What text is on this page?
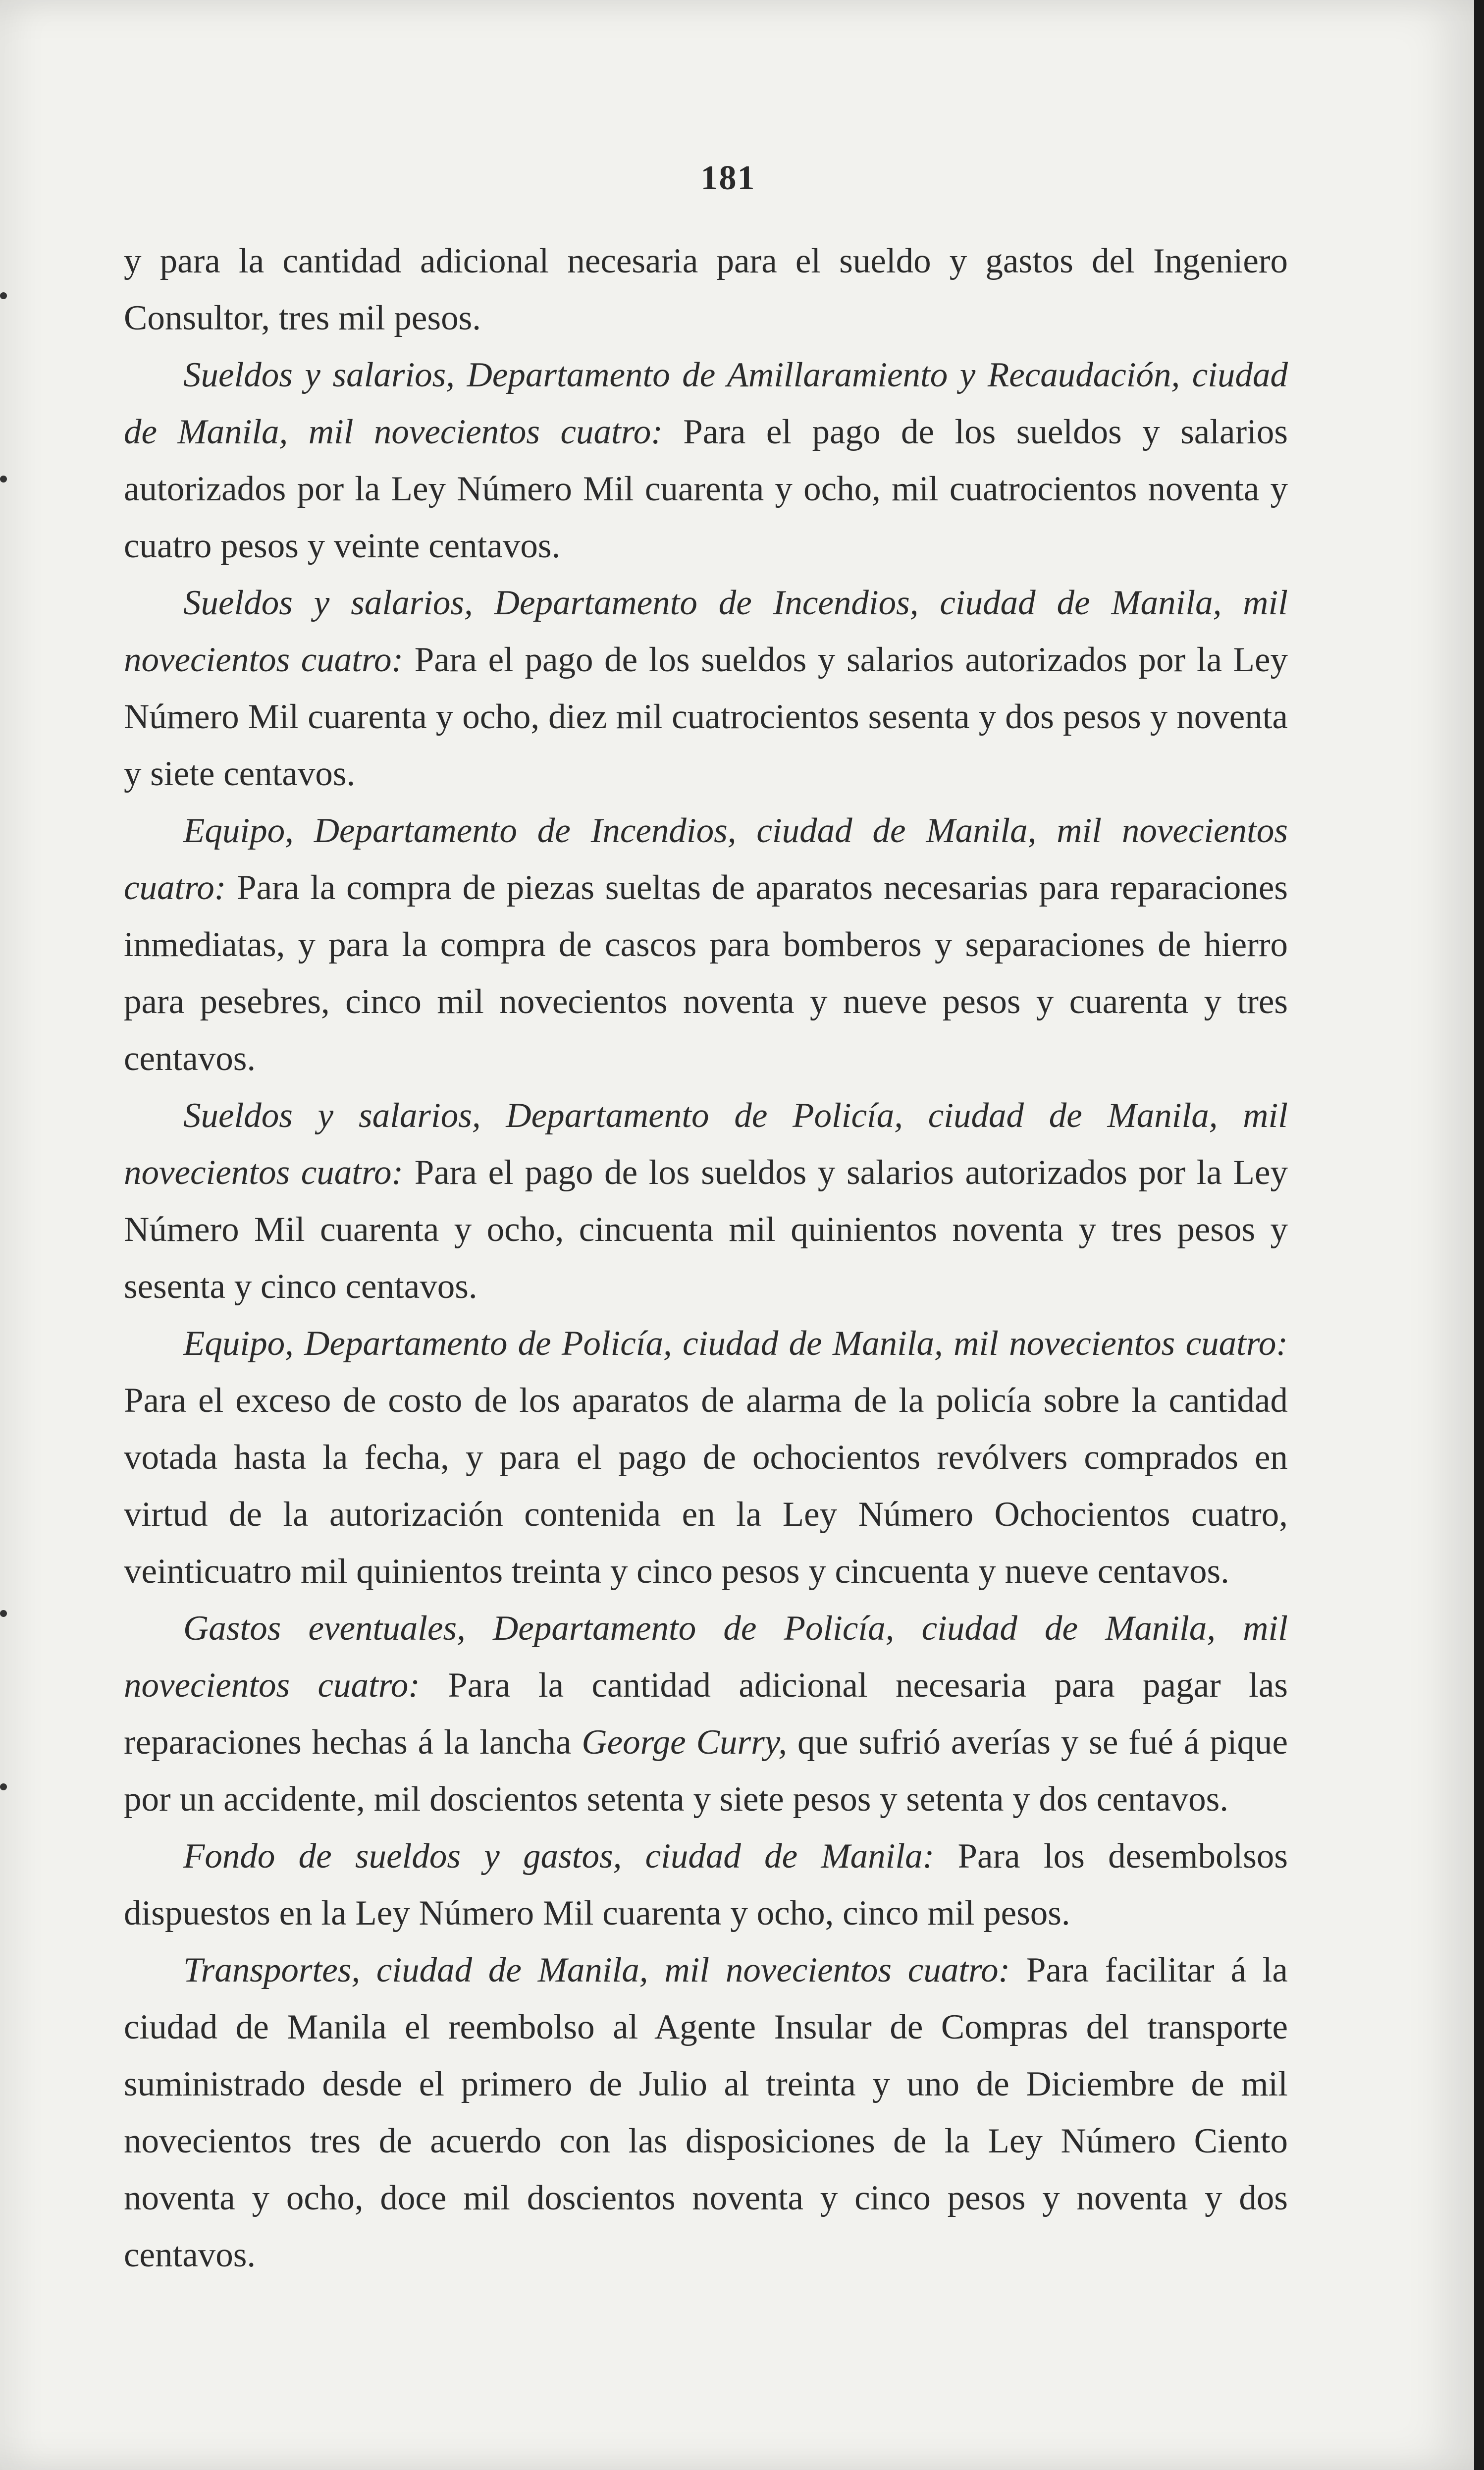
181

y para la cantidad adicional necesaria para el sueldo y gastos del Ingeniero Consultor, tres mil pesos.

Sueldos y salarios, Departamento de Amillaramiento y Recaudación, ciudad de Manila, mil novecientos cuatro: Para el pago de los sueldos y salarios autorizados por la Ley Número Mil cuarenta y ocho, mil cuatrocientos noventa y cuatro pesos y veinte centavos.

Sueldos y salarios, Departamento de Incendios, ciudad de Manila, mil novecientos cuatro: Para el pago de los sueldos y salarios autorizados por la Ley Número Mil cuarenta y ocho, diez mil cuatrocientos sesenta y dos pesos y noventa y siete centavos.

Equipo, Departamento de Incendios, ciudad de Manila, mil novecientos cuatro: Para la compra de piezas sueltas de aparatos necesarias para reparaciones inmediatas, y para la compra de cascos para bomberos y separaciones de hierro para pesebres, cinco mil novecientos noventa y nueve pesos y cuarenta y tres centavos.

Sueldos y salarios, Departamento de Policía, ciudad de Manila, mil novecientos cuatro: Para el pago de los sueldos y salarios autorizados por la Ley Número Mil cuarenta y ocho, cincuenta mil quinientos noventa y tres pesos y sesenta y cinco centavos.

Equipo, Departamento de Policía, ciudad de Manila, mil novecientos cuatro: Para el exceso de costo de los aparatos de alarma de la policía sobre la cantidad votada hasta la fecha, y para el pago de ochocientos revólvers comprados en virtud de la autorización contenida en la Ley Número Ochocientos cuatro, veinticuatro mil quinientos treinta y cinco pesos y cincuenta y nueve centavos.

Gastos eventuales, Departamento de Policía, ciudad de Manila, mil novecientos cuatro: Para la cantidad adicional necesaria para pagar las reparaciones hechas á la lancha George Curry, que sufrió averías y se fué á pique por un accidente, mil doscientos setenta y siete pesos y setenta y dos centavos.

Fondo de sueldos y gastos, ciudad de Manila: Para los desembolsos dispuestos en la Ley Número Mil cuarenta y ocho, cinco mil pesos.

Transportes, ciudad de Manila, mil novecientos cuatro: Para facilitar á la ciudad de Manila el reembolso al Agente Insular de Compras del transporte suministrado desde el primero de Julio al treinta y uno de Diciembre de mil novecientos tres de acuerdo con las disposiciones de la Ley Número Ciento noventa y ocho, doce mil doscientos noventa y cinco pesos y noventa y dos centavos.
